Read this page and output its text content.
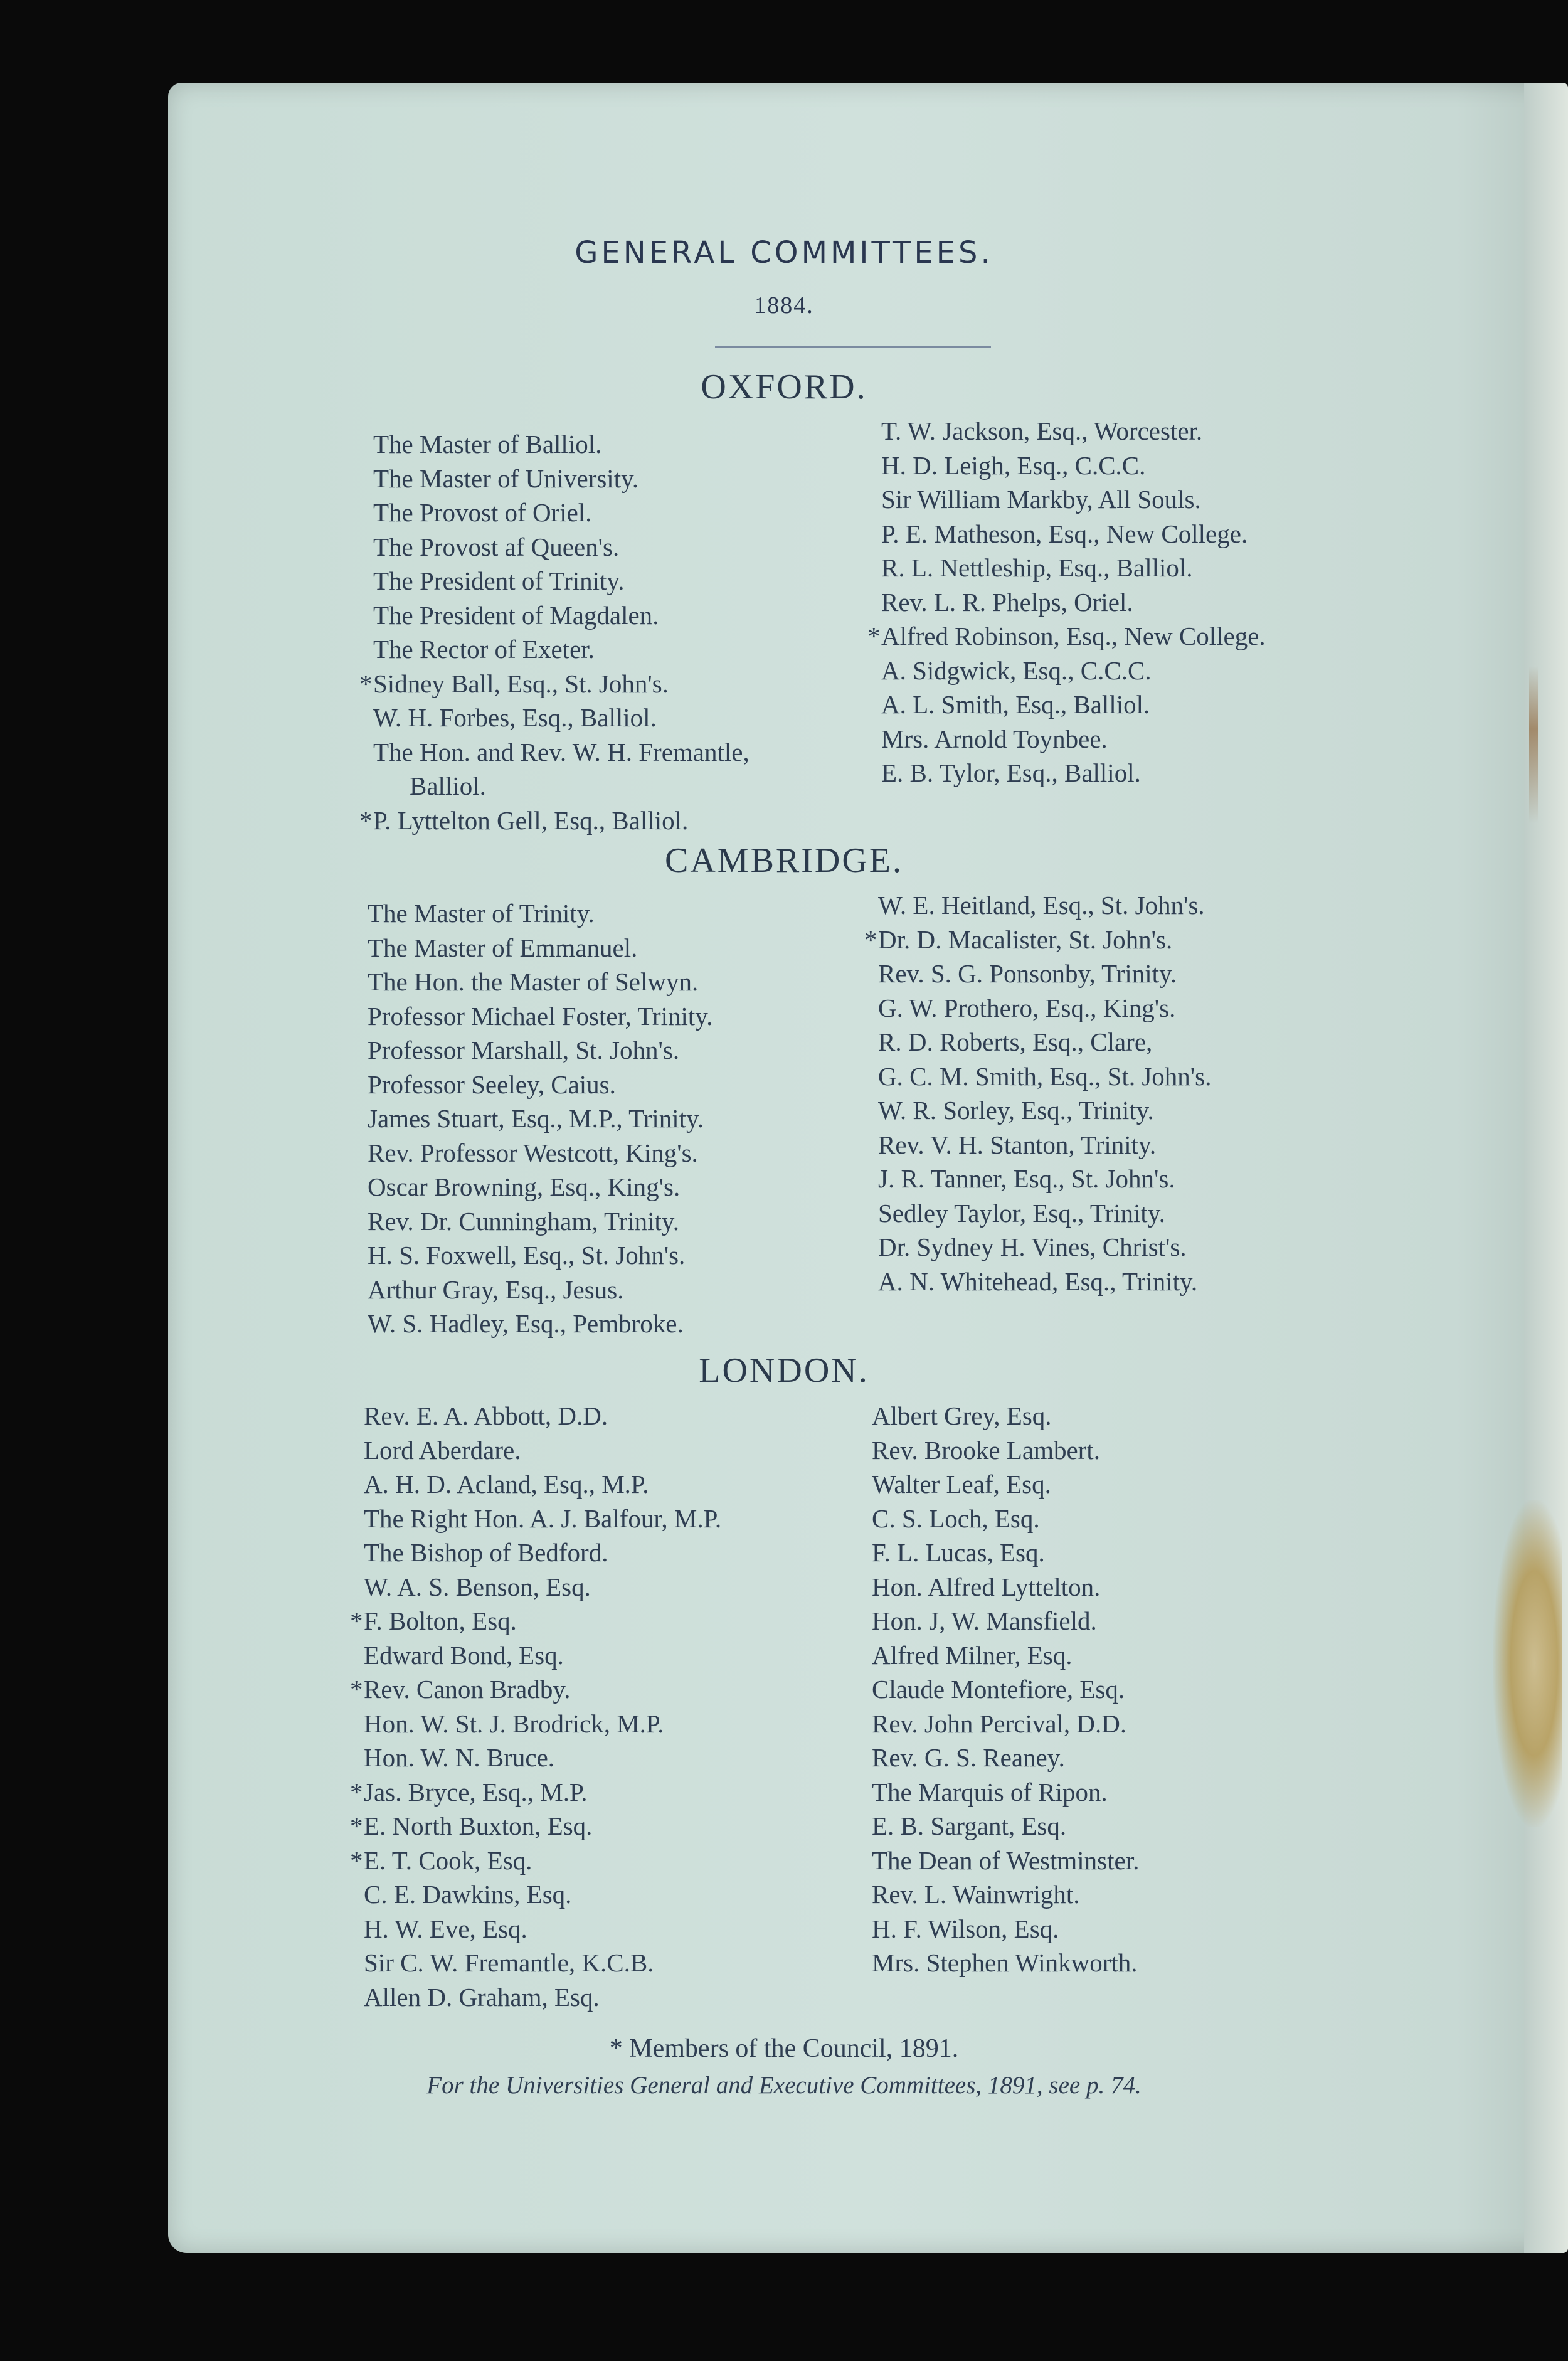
GENERAL COMMITTEES.
1884.
OXFORD.
The Master of Balliol.
The Master of University.
The Provost of Oriel.
The Provost af Queen's.
The President of Trinity.
The President of Magdalen.
The Rector of Exeter.
* Sidney Ball, Esq., St. John's.
W. H. Forbes, Esq., Balliol.
The Hon. and Rev. W. H. Fremantle,
Balliol.
* P. Lyttelton Gell, Esq., Balliol.
T. W. Jackson, Esq., Worcester.
H. D. Leigh, Esq., C.C.C.
Sir William Markby, All Souls.
P. E. Matheson, Esq., New College.
R. L. Nettleship, Esq., Balliol.
Rev. L. R. Phelps, Oriel.
* Alfred Robinson, Esq., New College.
A. Sidgwick, Esq., C.C.C.
A. L. Smith, Esq., Balliol.
Mrs. Arnold Toynbee.
E. B. Tylor, Esq., Balliol.
CAMBRIDGE.
The Master of Trinity.
The Master of Emmanuel.
The Hon. the Master of Selwyn.
Professor Michael Foster, Trinity.
Professor Marshall, St. John's.
Professor Seeley, Caius.
James Stuart, Esq., M.P., Trinity.
Rev. Professor Westcott, King's.
Oscar Browning, Esq., King's.
Rev. Dr. Cunningham, Trinity.
H. S. Foxwell, Esq., St. John's.
Arthur Gray, Esq., Jesus.
W. S. Hadley, Esq., Pembroke.
W. E. Heitland, Esq., St. John's.
* Dr. D. Macalister, St. John's.
Rev. S. G. Ponsonby, Trinity.
G. W. Prothero, Esq., King's.
R. D. Roberts, Esq., Clare,
G. C. M. Smith, Esq., St. John's.
W. R. Sorley, Esq., Trinity.
Rev. V. H. Stanton, Trinity.
J. R. Tanner, Esq., St. John's.
Sedley Taylor, Esq., Trinity.
Dr. Sydney H. Vines, Christ's.
A. N. Whitehead, Esq., Trinity.
LONDON.
Rev. E. A. Abbott, D.D.
Lord Aberdare.
A. H. D. Acland, Esq., M.P.
The Right Hon. A. J. Balfour, M.P.
The Bishop of Bedford.
W. A. S. Benson, Esq.
* F. Bolton, Esq.
Edward Bond, Esq.
* Rev. Canon Bradby.
Hon. W. St. J. Brodrick, M.P.
Hon. W. N. Bruce.
* Jas. Bryce, Esq., M.P.
* E. North Buxton, Esq.
* E. T. Cook, Esq.
C. E. Dawkins, Esq.
H. W. Eve, Esq.
Sir C. W. Fremantle, K.C.B.
Allen D. Graham, Esq.
Albert Grey, Esq.
Rev. Brooke Lambert.
Walter Leaf, Esq.
C. S. Loch, Esq.
F. L. Lucas, Esq.
Hon. Alfred Lyttelton.
Hon. J, W. Mansfield.
Alfred Milner, Esq.
Claude Montefiore, Esq.
Rev. John Percival, D.D.
Rev. G. S. Reaney.
The Marquis of Ripon.
E. B. Sargant, Esq.
The Dean of Westminster.
Rev. L. Wainwright.
H. F. Wilson, Esq.
Mrs. Stephen Winkworth.
* Members of the Council, 1891.
For the Universities General and Executive Committees, 1891, see p. 74.
